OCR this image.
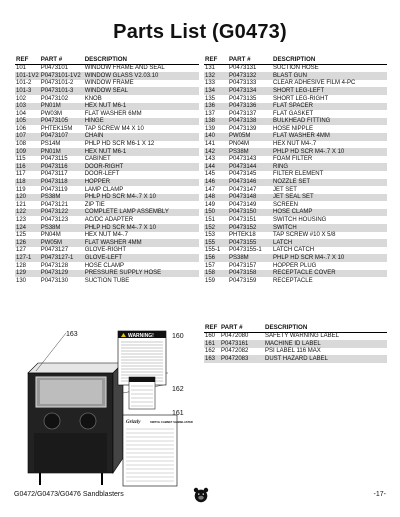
Parts List (G0473)
REF	PART #	DESCRIPTION
101	P0473101	WINDOW FRAME AND SEAL
101-1V2	P0473101-1V2	WINDOW GLASS V2.03.10
101-2	P0473101-2	WINDOW FRAME
101-3	P0473101-3	WINDOW SEAL
102	P0473102	KNOB
103	PN01M	HEX NUT M6-1
104	PW03M	FLAT WASHER 6MM
105	P0473105	HINGE
106	PHTEK15M	TAP SCREW M4 X 10
107	P0473107	CHAIN
108	PS14M	PHLP HD SCR M6-1 X 12
109	PN01M	HEX NUT M6-1
115	P0473115	CABINET
116	P0473116	DOOR-RIGHT
117	P0473117	DOOR-LEFT
118	P0473118	HOPPER
119	P0473119	LAMP CLAMP
120	PS38M	PHLP HD SCR M4-.7 X 10
121	P0473121	ZIP TIE
122	P0473122	COMPLETE LAMP ASSEMBLY
123	P0473123	AC/DC ADAPTER
124	PS38M	PHLP HD SCR M4-.7 X 10
125	PN04M	HEX NUT M4-.7
126	PW05M	FLAT WASHER 4MM
127	P0473127	GLOVE-RIGHT
127-1	P0473127-1	GLOVE-LEFT
128	P0473128	HOSE CLAMP
129	P0473129	PRESSURE SUPPLY HOSE
130	P0473130	SUCTION TUBE
REF	PART #	DESCRIPTION
131	P0473131	SUCTION HOSE
132	P0473132	BLAST GUN
133	P0473133	CLEAR ADHESIVE FILM 4-PC
134	P0473134	SHORT LEG-LEFT
135	P0473135	SHORT LEG-RIGHT
136	P0473136	FLAT SPACER
137	P0473137	FLAT GASKET
138	P0473138	BULKHEAD FITTING
139	P0473139	HOSE NIPPLE
140	PW05M	FLAT WASHER 4MM
141	PN04M	HEX NUT M4-.7
142	PS38M	PHLP HD SCR M4-.7 X 10
143	P0473143	FOAM FILTER
144	P0473144	RING
145	P0473145	FILTER ELEMENT
146	P0473146	NOZZLE SET
147	P0473147	JET SET
148	P0473148	JET SEAL SET
149	P0473149	SCREEN
150	P0473150	HOSE CLAMP
151	P0473151	SWITCH HOUSING
152	P0473152	SWITCH
153	PHTEK18	TAP SCREW #10 X 5/8
155	P0473155	LATCH
155-1	P0473155-1	LATCH CATCH
156	PS38M	PHLP HD SCR M4-.7 X 10
157	P0473157	HOPPER PLUG
158	P0473158	RECEPTACLE COVER
159	P0473159	RECEPTACLE
REF	PART #	DESCRIPTION
160	P0472080	SAFETY WARNING LABEL
161	P0473161	MACHINE ID LABEL
162	P0472082	PSI LABEL 116 MAX
163	P0472083	DUST HAZARD LABEL
WARNING!
Grizzly	SWITCH CABINET SANDBLASTER
163	160
162
161
G0472/G0473/G0476 Sandblasters	-17-
